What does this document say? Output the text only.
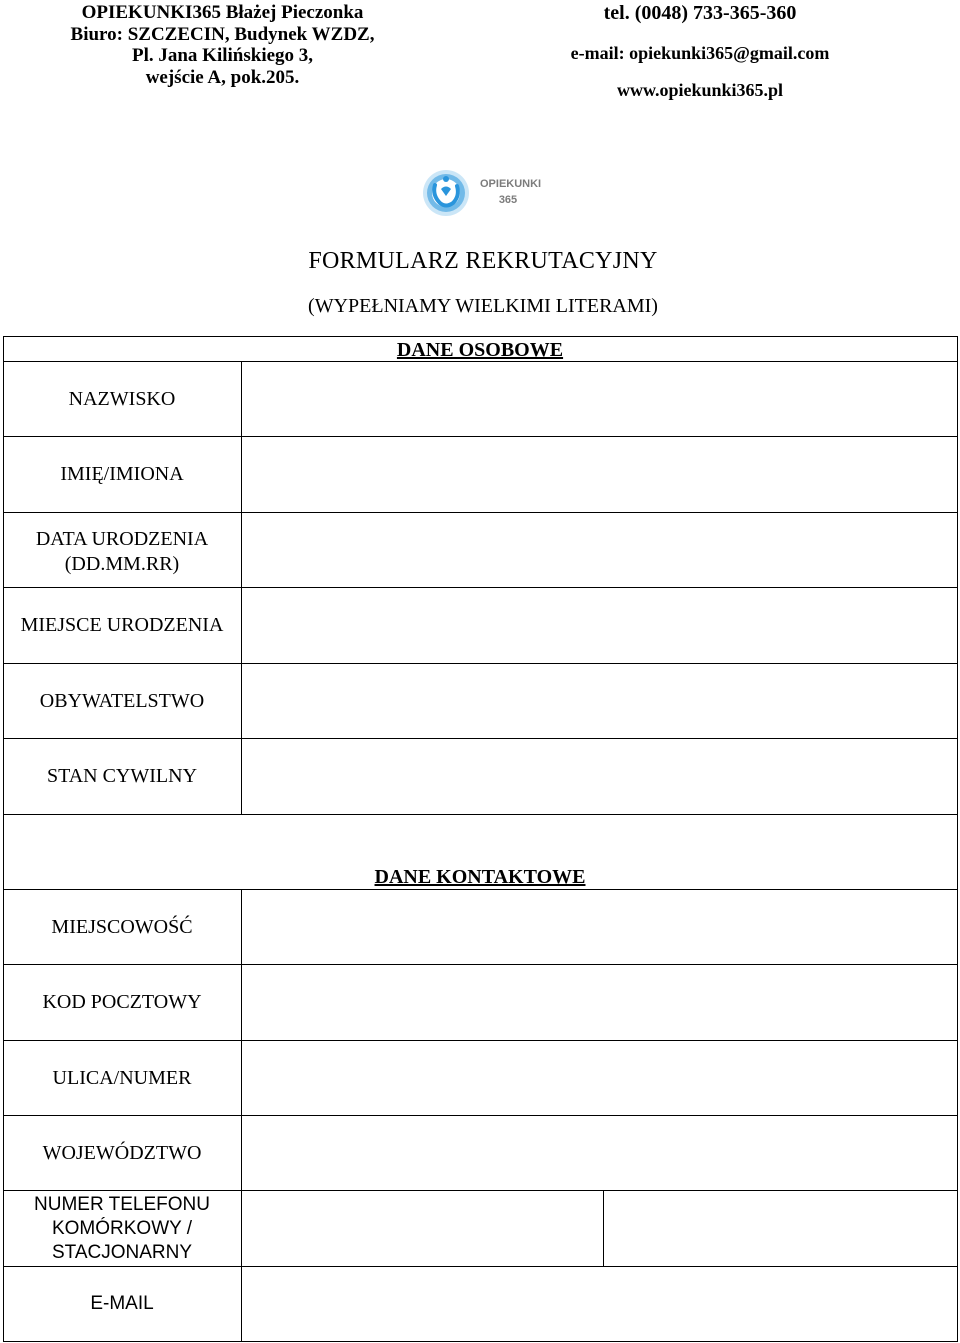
OPIEKUNKI365 Błażej Pieczonka
Biuro: SZCZECIN, Budynek WZDZ,
Pl. Jana Kilińskiego 3,
wejście A, pok.205.
tel. (0048) 733-365-360
e-mail: opiekunki365@gmail.com
www.opiekunki365.pl
OPIEKUNKI
365
FORMULARZ REKRUTACYJNY
(WYPEŁNIAMY WIELKIMI LITERAMI)
DANE OSOBOWE
NAZWISKO
IMIĘ/IMIONA
DATA URODZENIA (DD.MM.RR)
MIEJSCE URODZENIA
OBYWATELSTWO
STAN CYWILNY
DANE KONTAKTOWE
MIEJSCOWOŚĆ
KOD POCZTOWY
ULICA/NUMER
WOJEWÓDZTWO
NUMER TELEFONU KOMÓRKOWY / STACJONARNY
E-MAIL
